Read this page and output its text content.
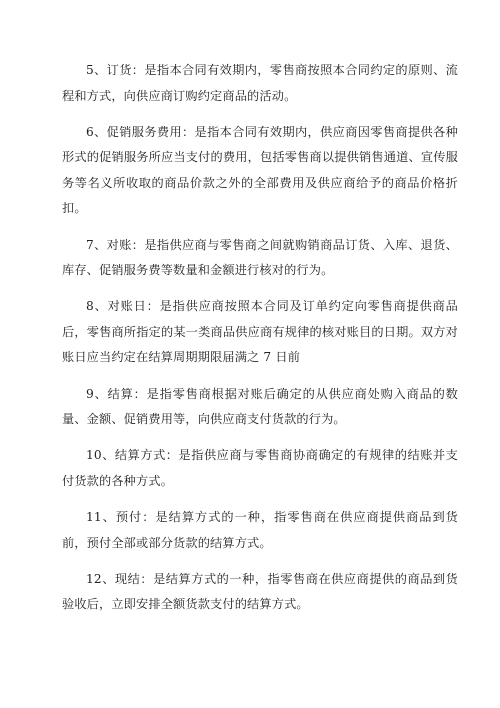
5、订货：是指本合同有效期内，零售商按照本合同约定的原则、流程和方式，向供应商订购约定商品的活动。

6、促销服务费用：是指本合同有效期内，供应商因零售商提供各种形式的促销服务所应当支付的费用，包括零售商以提供销售通道、宣传服务等名义所收取的商品价款之外的全部费用及供应商给予的商品价格折扣。

7、对账：是指供应商与零售商之间就购销商品订货、入库、退货、库存、促销服务费等数量和金额进行核对的行为。

8、对账日：是指供应商按照本合同及订单约定向零售商提供商品后，零售商所指定的某一类商品供应商有规律的核对账目的日期。双方对账日应当约定在结算周期期限届满之 7 日前

9、结算：是指零售商根据对账后确定的从供应商处购入商品的数量、金额、促销费用等，向供应商支付货款的行为。

10、结算方式：是指供应商与零售商协商确定的有规律的结账并支付货款的各种方式。

11、预付：是结算方式的一种，指零售商在供应商提供商品到货前，预付全部或部分货款的结算方式。

12、现结：是结算方式的一种，指零售商在供应商提供的商品到货验收后，立即安排全额货款支付的结算方式。
